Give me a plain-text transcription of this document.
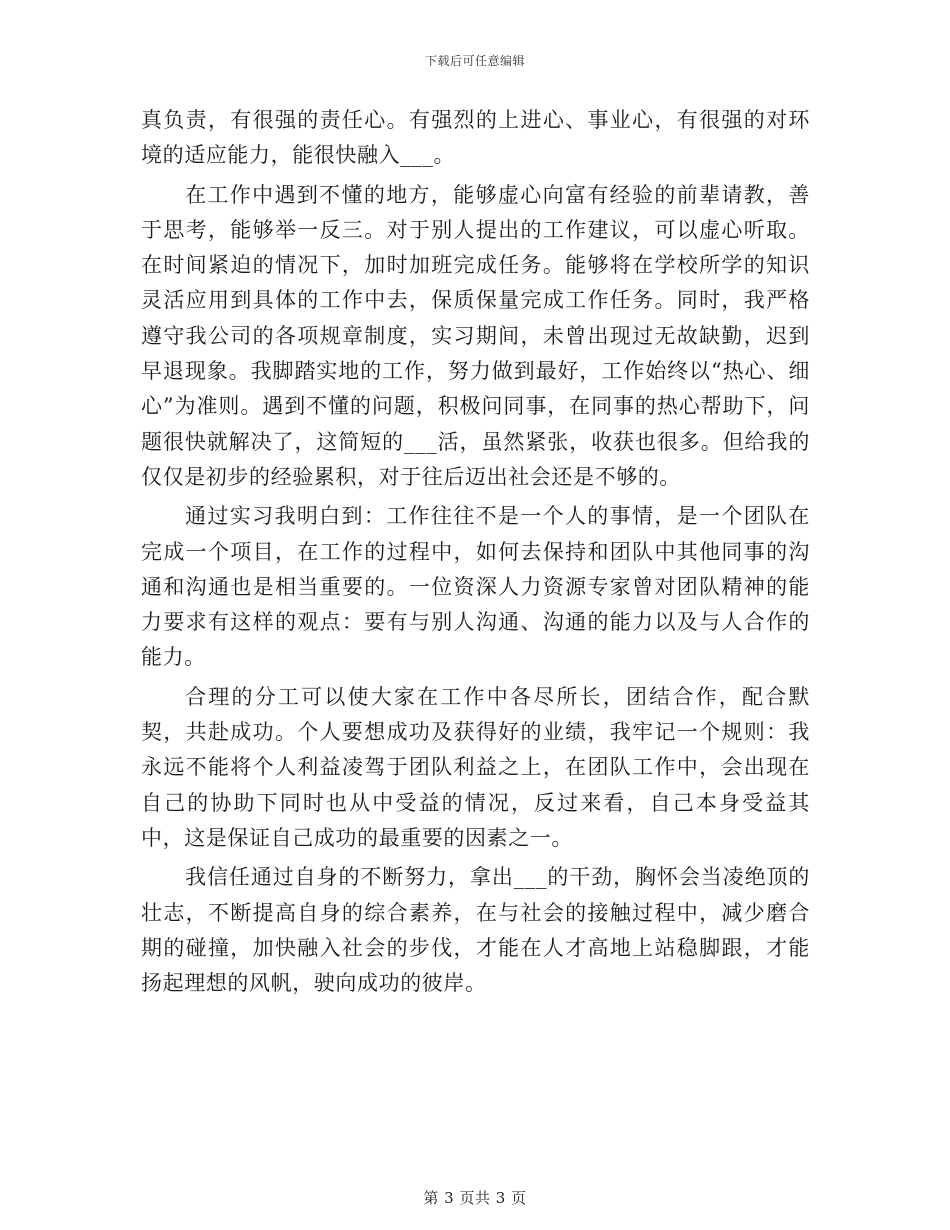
下载后可任意编辑

真负责，有很强的责任心。有强烈的上进心、事业心，有很强的对环境的适应能力，能很快融入___。

在工作中遇到不懂的地方，能够虚心向富有经验的前辈请教，善于思考，能够举一反三。对于别人提出的工作建议，可以虚心听取。在时间紧迫的情况下，加时加班完成任务。能够将在学校所学的知识灵活应用到具体的工作中去，保质保量完成工作任务。同时，我严格遵守我公司的各项规章制度，实习期间，未曾出现过无故缺勤，迟到早退现象。我脚踏实地的工作，努力做到最好，工作始终以“热心、细心”为准则。遇到不懂的问题，积极问同事，在同事的热心帮助下，问题很快就解决了，这简短的___活，虽然紧张，收获也很多。但给我的仅仅是初步的经验累积，对于往后迈出社会还是不够的。

通过实习我明白到：工作往往不是一个人的事情，是一个团队在完成一个项目，在工作的过程中，如何去保持和团队中其他同事的沟通和沟通也是相当重要的。一位资深人力资源专家曾对团队精神的能力要求有这样的观点：要有与别人沟通、沟通的能力以及与人合作的能力。

合理的分工可以使大家在工作中各尽所长，团结合作，配合默契，共赴成功。个人要想成功及获得好的业绩，我牢记一个规则：我永远不能将个人利益凌驾于团队利益之上，在团队工作中，会出现在自己的协助下同时也从中受益的情况，反过来看，自己本身受益其中，这是保证自己成功的最重要的因素之一。

我信任通过自身的不断努力，拿出___的干劲，胸怀会当凌绝顶的壮志，不断提高自身的综合素养，在与社会的接触过程中，减少磨合期的碰撞，加快融入社会的步伐，才能在人才高地上站稳脚跟，才能扬起理想的风帆，驶向成功的彼岸。

第 3 页共 3 页
